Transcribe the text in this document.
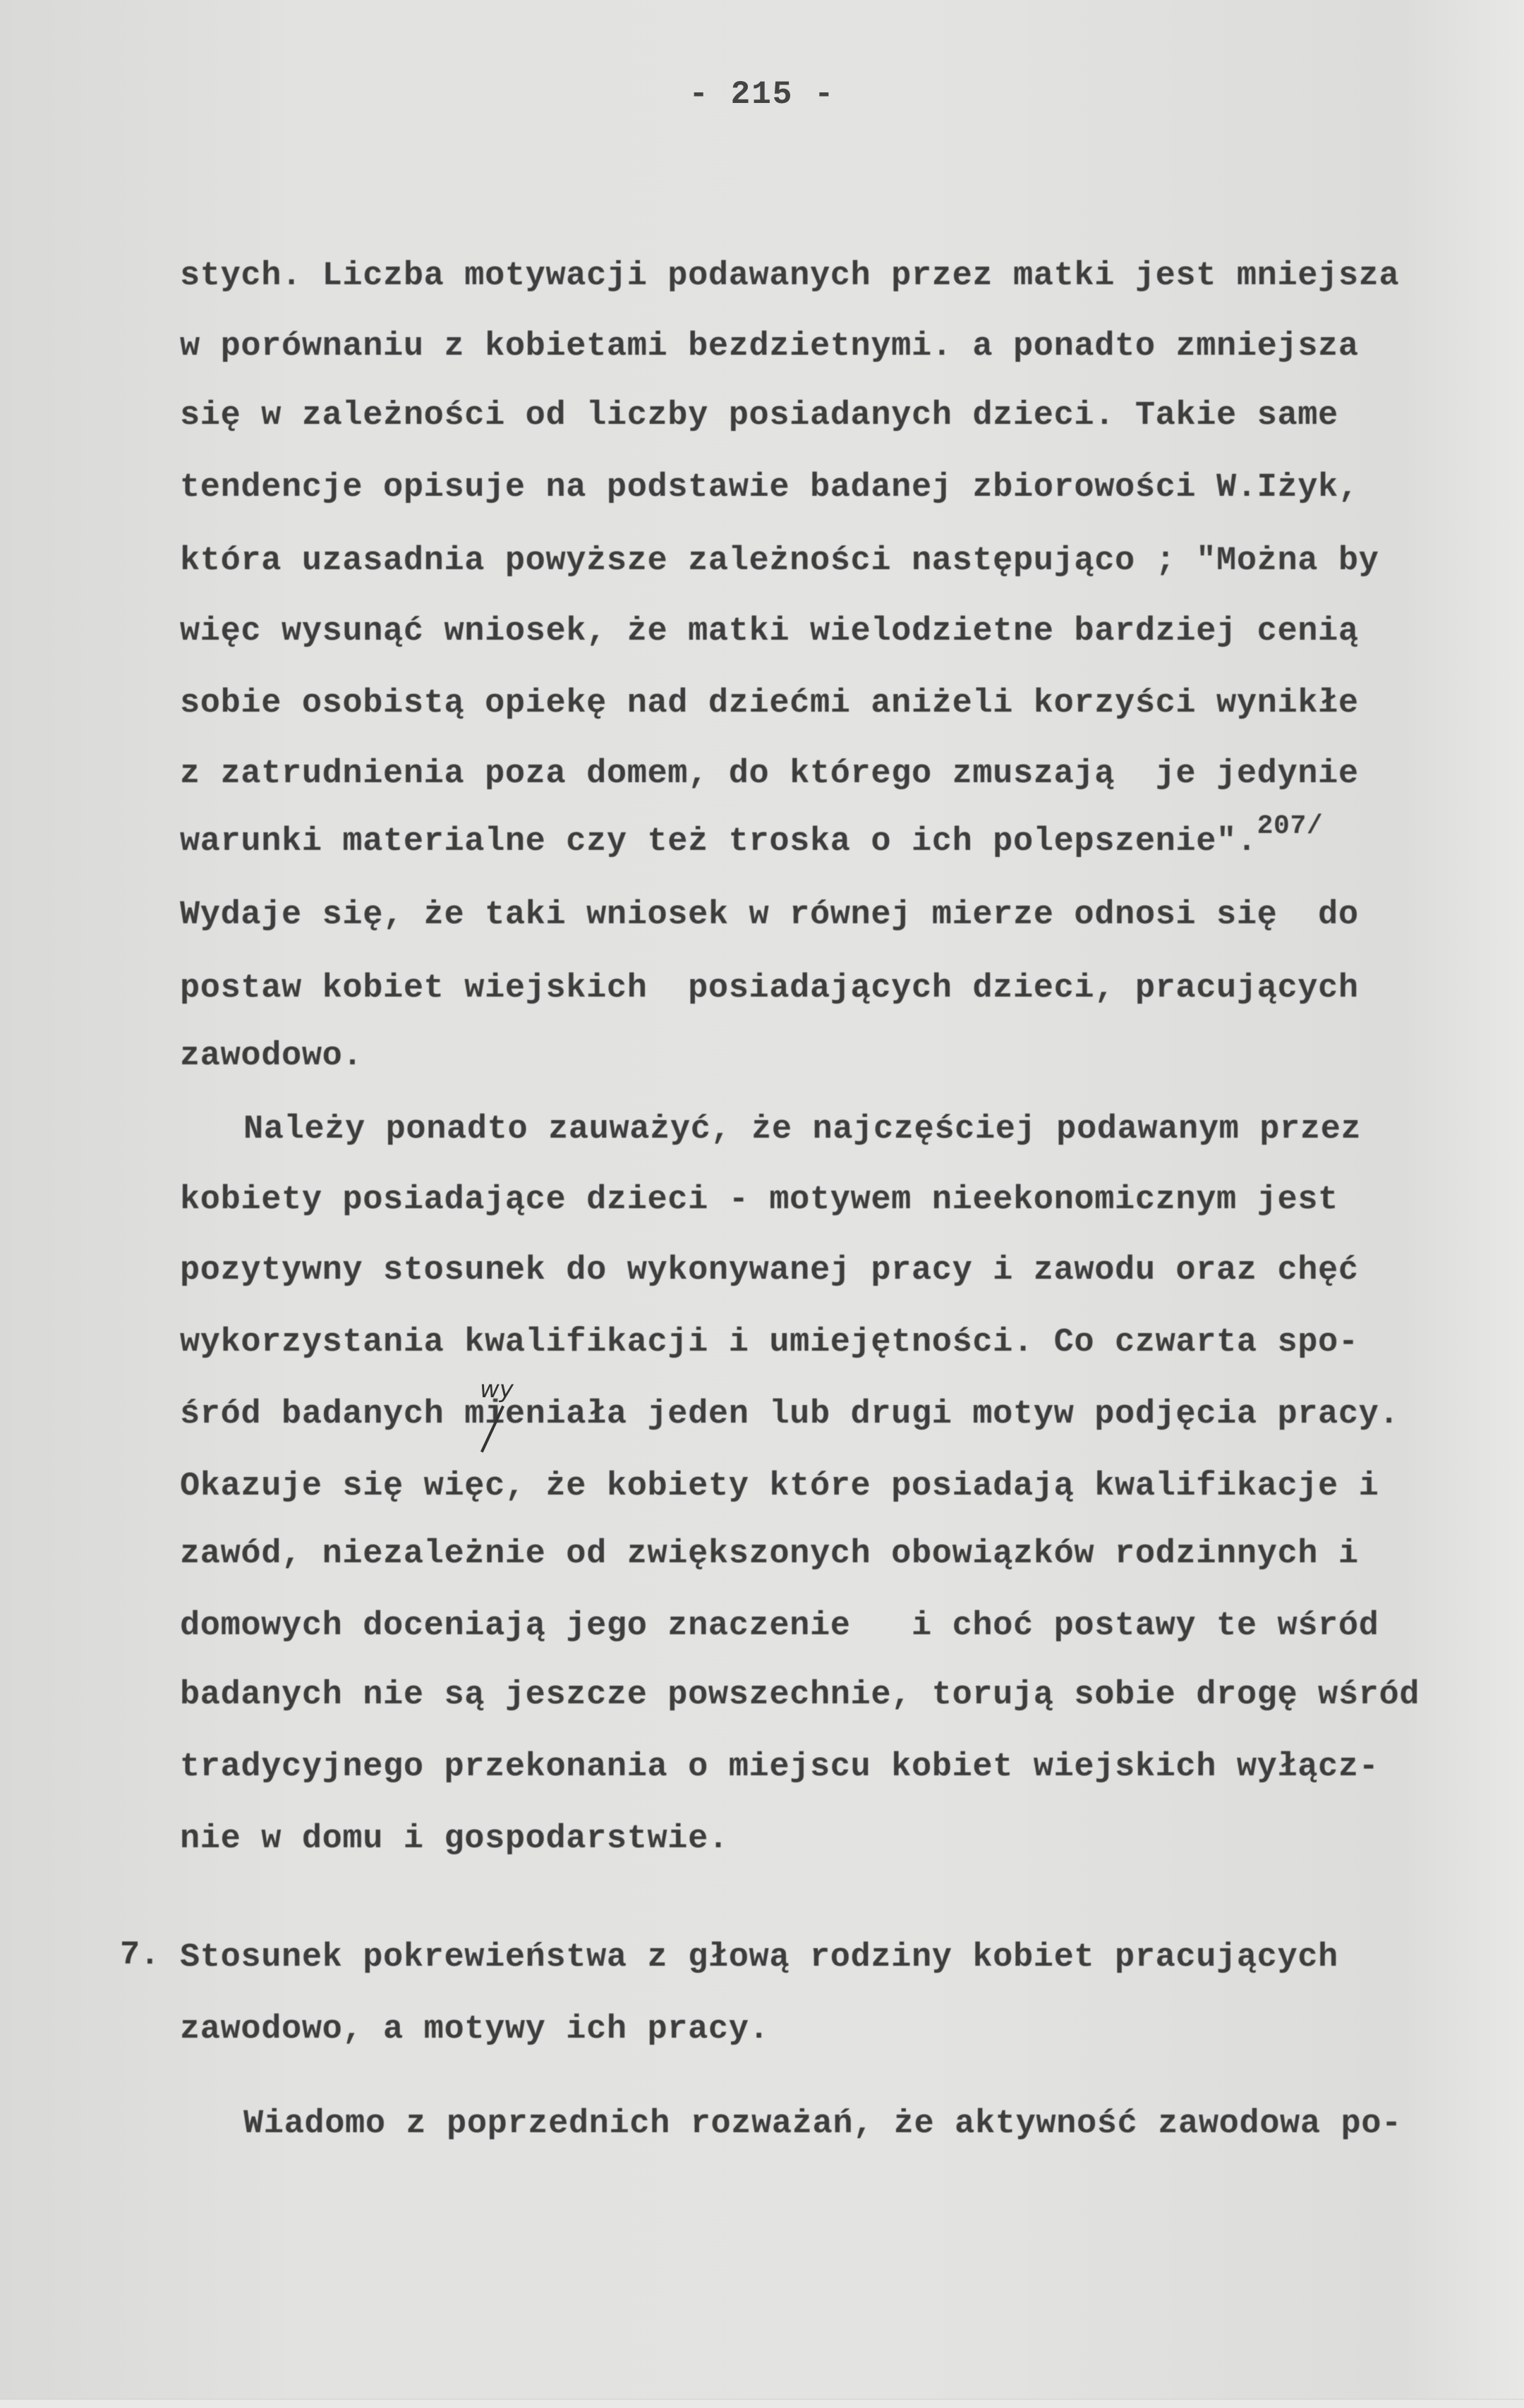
- 215 -
stych. Liczba motywacji podawanych przez matki jest mniejsza
w porównaniu z kobietami bezdzietnymi. a ponadto zmniejsza
się w zależności od liczby posiadanych dzieci. Takie same
tendencje opisuje na podstawie badanej zbiorowości W.Iżyk,
która uzasadnia powyższe zależności następująco ; "Można by
więc wysunąć wniosek, że matki wielodzietne bardziej cenią
sobie osobistą opiekę nad dziećmi aniżeli korzyści wynikłe
z zatrudnienia poza domem, do którego zmuszają  je jedynie
warunki materialne czy też troska o ich polepszenie".$^{207/}$
Wydaje się, że taki wniosek w równej mierze odnosi się  do
postaw kobiet wiejskich  posiadających dzieci, pracujących
zawodowo.
Należy ponadto zauważyć, że najczęściej podawanym przez
kobiety posiadające dzieci - motywem nieekonomicznym jest
pozytywny stosunek do wykonywanej pracy i zawodu oraz chęć
wykorzystania kwalifikacji i umiejętności. Co czwarta spo-
śród badanych mieniała jeden lub drugi motyw podjęcia pracy.
wy
Okazuje się więc, że kobiety które posiadają kwalifikacje i
zawód, niezależnie od zwiększonych obowiązków rodzinnych i
domowych doceniają jego znaczenie   i choć postawy te wśród
badanych nie są jeszcze powszechnie, torują sobie drogę wśród
tradycyjnego przekonania o miejscu kobiet wiejskich wyłącz-
nie w domu i gospodarstwie.
7. Stosunek pokrewieństwa z głową rodziny kobiet pracujących
zawodowo, a motywy ich pracy.
Wiadomo z poprzednich rozważań, że aktywność zawodowa po-
